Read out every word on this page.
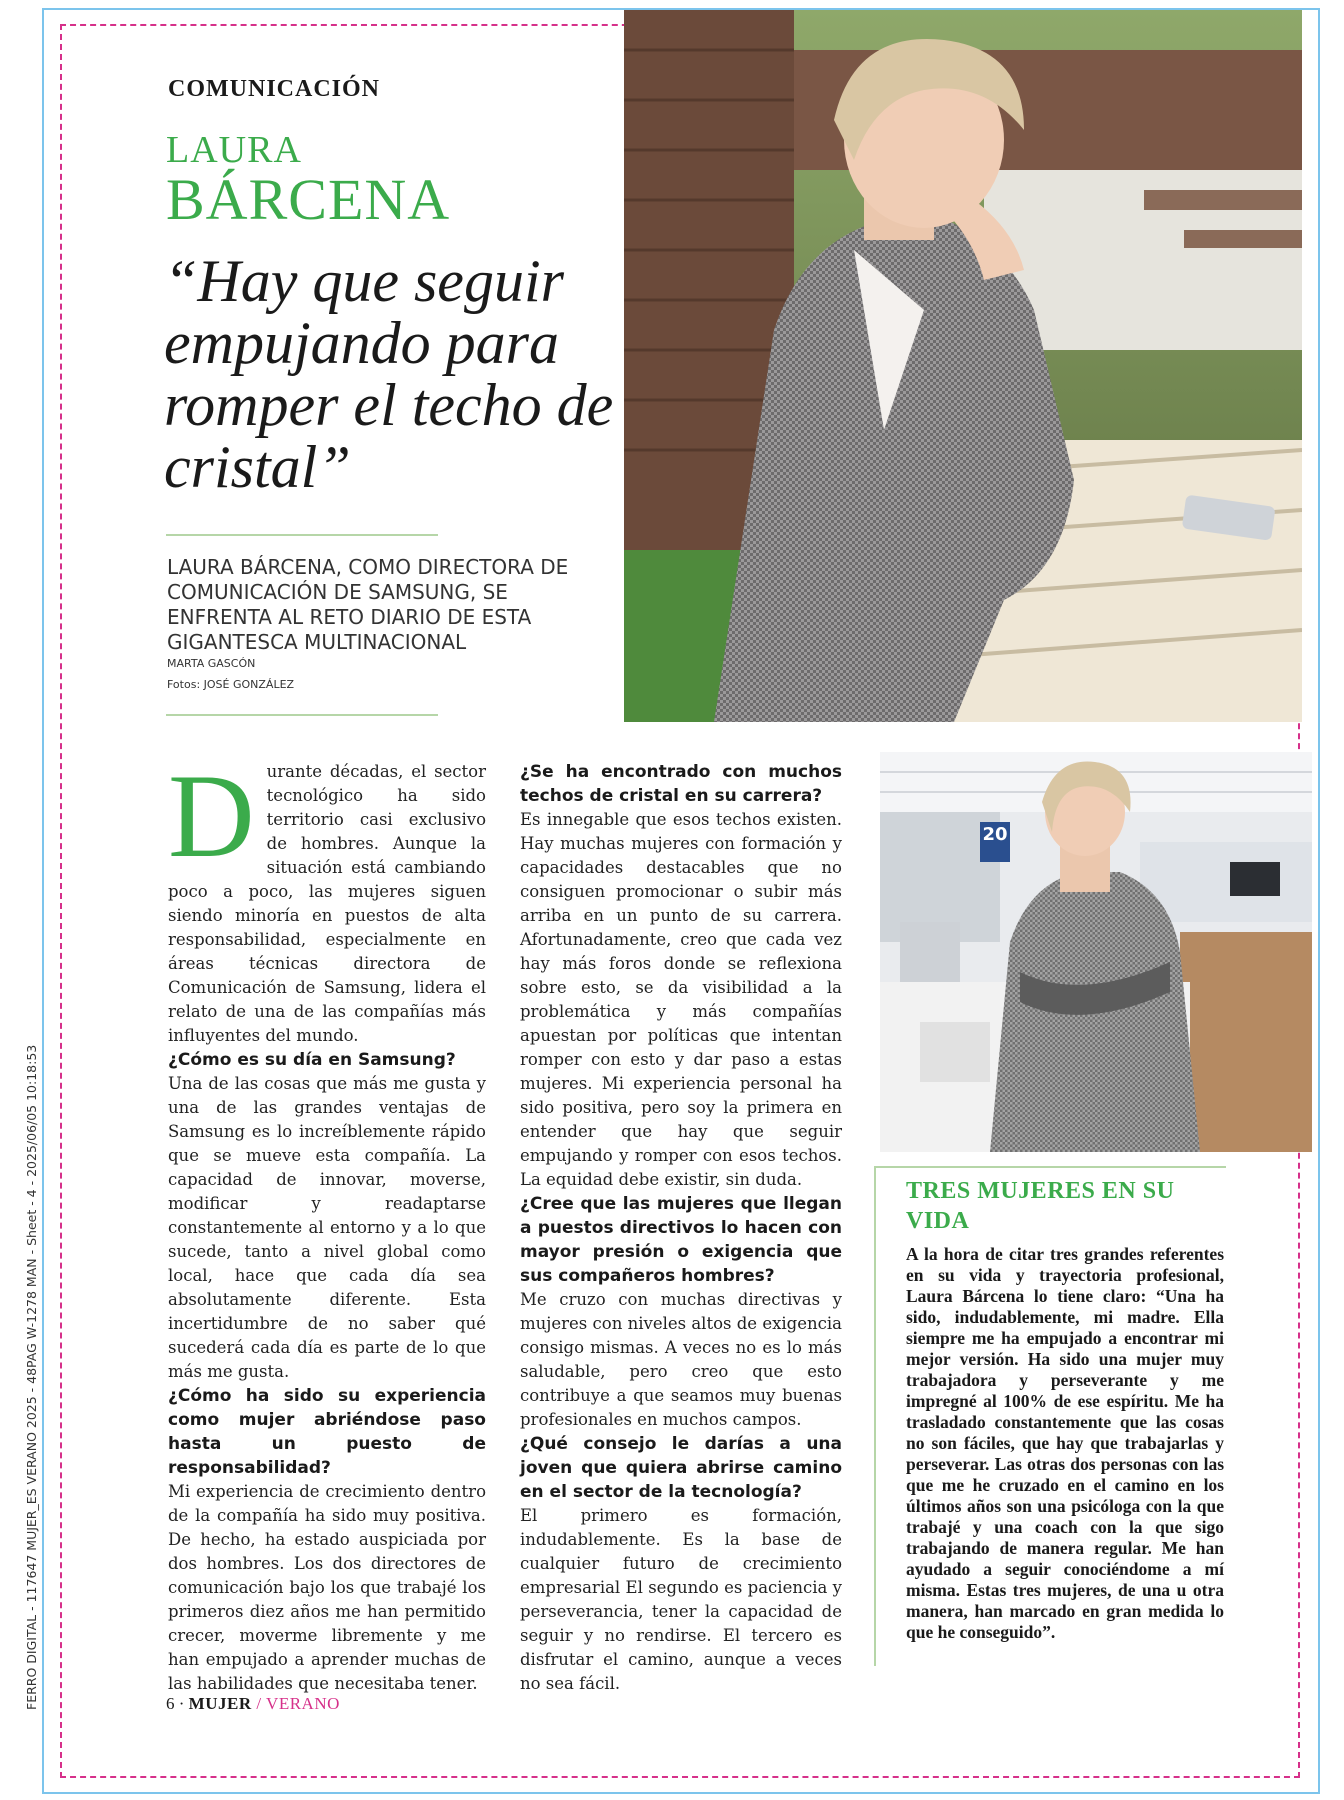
FERRO DIGITAL - 117647 MUJER_ES VERANO 2025 - 48PAG W-1278 MAN - Sheet - 4 - 2025/06/05 10:18:53
COMUNICACIÓN
LAURA
BÁRCENA
“Hay que seguir empujando para romper el techo de cristal”
LAURA BÁRCENA, COMO DIRECTORA DE COMUNICACIÓN DE SAMSUNG, SE ENFRENTA AL RETO DIARIO DE ESTA GIGANTESCA MULTINACIONAL
MARTA GASCÓN
Fotos: JOSÉ GONZÁLEZ
20

Durante décadas, el sector tecnológico ha sido territorio casi exclusivo de hombres. Aunque la situación está cambiando poco a poco, las mujeres siguen siendo minoría en puestos de alta responsabilidad, especialmente en áreas técnicas directora de Comunicación de Samsung, lidera el relato de una de las compañías más influyentes del mundo.

¿Cómo es su día en Samsung?

Una de las cosas que más me gusta y una de las grandes ventajas de Samsung es lo increíblemente rápido que se mueve esta compañía. La capacidad de innovar, moverse, modificar y readaptarse constantemente al entorno y a lo que sucede, tanto a nivel global como local, hace que cada día sea absolutamente diferente. Esta incertidumbre de no saber qué sucederá cada día es parte de lo que más me gusta.

¿Cómo ha sido su experiencia como mujer abriéndose paso hasta un puesto de responsabilidad?

Mi experiencia de crecimiento dentro de la compañía ha sido muy positiva. De hecho, ha estado auspiciada por dos hombres. Los dos directores de comunicación bajo los que trabajé los primeros diez años me han permitido crecer, moverme libremente y me han empujado a aprender muchas de las habilidades que necesitaba tener.

¿Se ha encontrado con muchos techos de cristal en su carrera?

Es innegable que esos techos existen. Hay muchas mujeres con formación y capacidades destacables que no consiguen promocionar o subir más arriba en un punto de su carrera. Afortunadamente, creo que cada vez hay más foros donde se reflexiona sobre esto, se da visibilidad a la problemática y más compañías apuestan por políticas que intentan romper con esto y dar paso a estas mujeres. Mi experiencia personal ha sido positiva, pero soy la primera en entender que hay que seguir empujando y romper con esos techos. La equidad debe existir, sin duda.

¿Cree que las mujeres que llegan a puestos directivos lo hacen con mayor presión o exigencia que sus compañeros hombres?

Me cruzo con muchas directivas y mujeres con niveles altos de exigencia consigo mismas. A veces no es lo más saludable, pero creo que esto contribuye a que seamos muy buenas profesionales en muchos campos.

¿Qué consejo le darías a una joven que quiera abrirse camino en el sector de la tecnología?

El primero es formación, indudablemente. Es la base de cualquier futuro de crecimiento empresarial El segundo es paciencia y perseverancia, tener la capacidad de seguir y no rendirse. El tercero es disfrutar el camino, aunque a veces no sea fácil.

TRES MUJERES EN SU VIDA
A la hora de citar tres grandes referentes en su vida y trayectoria profesional, Laura Bárcena lo tiene claro: “Una ha sido, indudablemente, mi madre. Ella siempre me ha empujado a encontrar mi mejor versión. Ha sido una mujer muy trabajadora y perseverante y me impregné al 100% de ese espíritu. Me ha trasladado constantemente que las cosas no son fáciles, que hay que trabajarlas y perseverar. Las otras dos personas con las que me he cruzado en el camino en los últimos años son una psicóloga con la que trabajé y una coach con la que sigo trabajando de manera regular. Me han ayudado a seguir conociéndome a mí misma. Estas tres mujeres, de una u otra manera, han marcado en gran medida lo que he conseguido”.
6 · MUJER / VERANO
